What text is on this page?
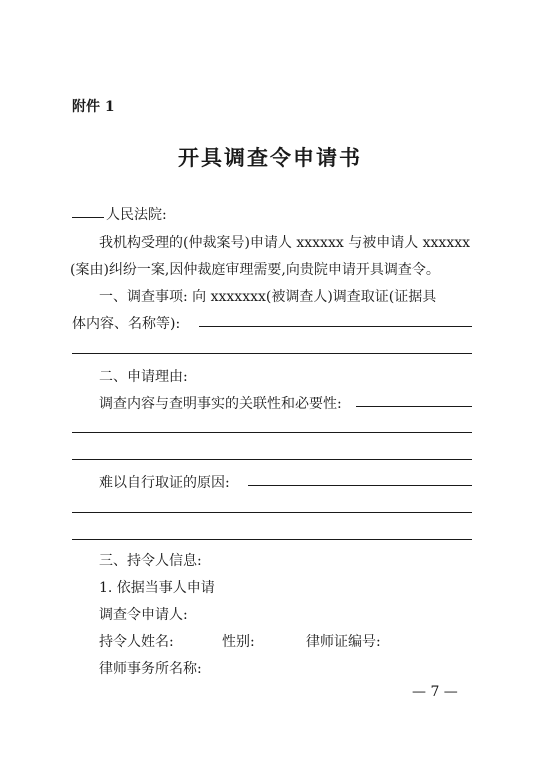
附件 1
开具调查令申请书
人民法院:
我机构受理的(仲裁案号)申请人 xxxxxx 与被申请人 xxxxxx
(案由)纠纷一案,因仲裁庭审理需要,向贵院申请开具调查令。
一、调查事项: 向 xxxxxxx(被调查人)调查取证(证据具
体内容、名称等):
二、申请理由:
调查内容与查明事实的关联性和必要性:
难以自行取证的原因:
三、持令人信息:
1. 依据当事人申请
调查令申请人:
持令人姓名:	性别:	律师证编号:
律师事务所名称:
— 7 —
